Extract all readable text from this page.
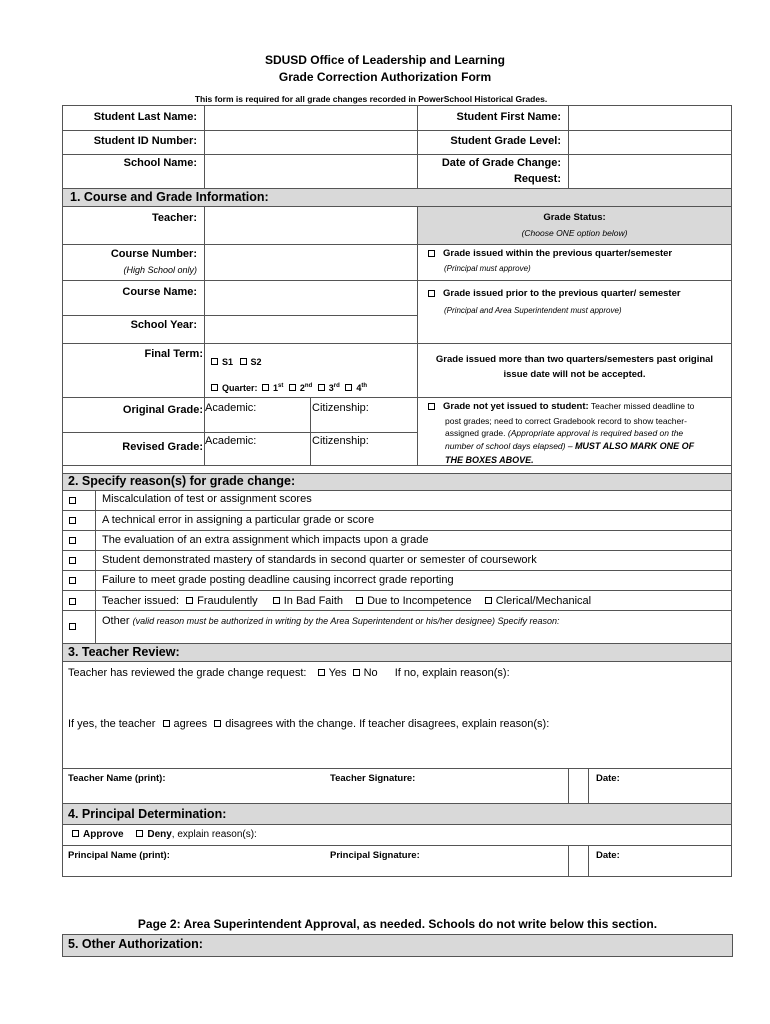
SDUSD Office of Leadership and Learning
Grade Correction Authorization Form
This form is required for all grade changes recorded in PowerSchool Historical Grades.
Student Last Name:	Student First Name:
Student ID Number:	Student Grade Level:
School Name:	Date of Grade Change:
Request:
1. Course and Grade Information:
Teacher:
Course Number:
(High School only)
Course Name:
School Year:
Final Term:
S1 S2
Quarter: 1st 2nd 3rd 4th
Original Grade: Academic:	Citizenship:
Revised Grade: Academic:	Citizenship:
Grade Status:
(Choose ONE option below)
Grade issued within the previous quarter/semester
(Principal must approve)
Grade issued prior to the previous quarter/ semester
(Principal and Area Superintendent must approve)
Grade issued more than two quarters/semesters past original
issue date will not be accepted.
Grade not yet issued to student: Teacher missed deadline to
post grades; need to correct Gradebook record to show teacher-
assigned grade. (Appropriate approval is required based on the
number of school days elapsed) – MUST ALSO MARK ONE OF
THE BOXES ABOVE.
2. Specify reason(s) for grade change:
Miscalculation of test or assignment scores
A technical error in assigning a particular grade or score
The evaluation of an extra assignment which impacts upon a grade
Student demonstrated mastery of standards in second quarter or semester of coursework
Failure to meet grade posting deadline causing incorrect grade reporting
Teacher issued: Fraudulently In Bad Faith Due to Incompetence Clerical/Mechanical
Other (valid reason must be authorized in writing by the Area Superintendent or his/her designee) Specify reason:
3. Teacher Review:
Teacher has reviewed the grade change request: Yes No If no, explain reason(s):
If yes, the teacher agrees disagrees with the change. If teacher disagrees, explain reason(s):
Teacher Name (print):	Teacher Signature:	Date:
4. Principal Determination:
Approve Deny, explain reason(s):
Principal Name (print):	Principal Signature:	Date:
Page 2: Area Superintendent Approval, as needed. Schools do not write below this section.
5. Other Authorization:
